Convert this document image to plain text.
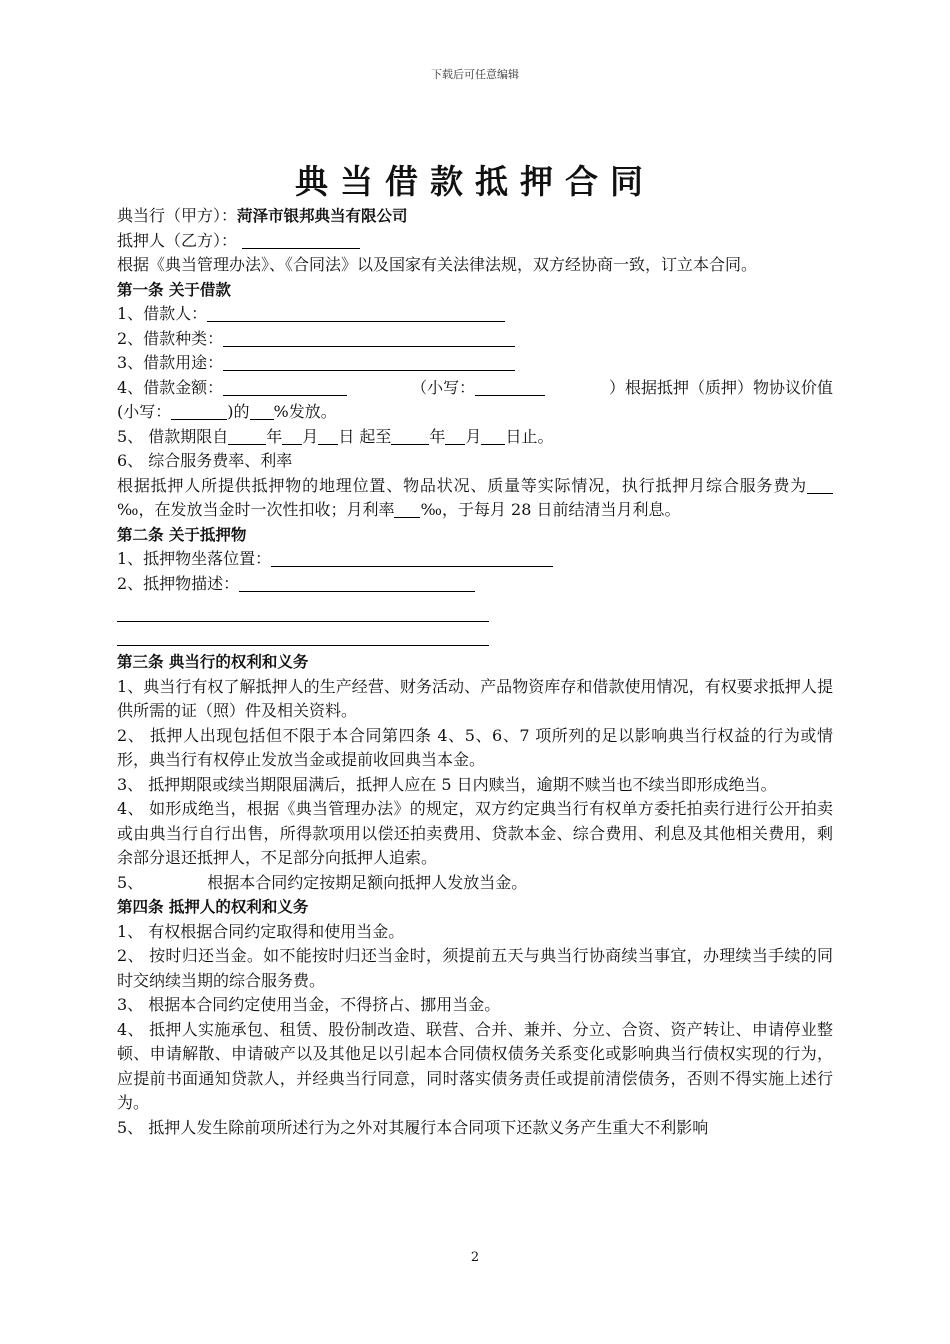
下载后可任意编辑
典当借款抵押合同
典当行（甲方）：菏泽市银邦典当有限公司
抵押人（乙方）：
根据《典当管理办法》、《合同法》以及国家有关法律法规，双方经协商一致，订立本合同。
第一条 关于借款
1、借款人：
2、借款种类：
3、借款用途：
4、借款金额：	（小写：	）根据抵押（质押）物协议价值
(小写：	)的 %发放。
5、 借款期限自 年 月 日 起至 年 月 日止。
6、 综合服务费率、利率
根据抵押人所提供抵押物的地理位置、物品状况、质量等实际情况，执行抵押月综合服务费为‰，在发放当金时一次性扣收；月利率 ‰，于每月 28 日前结清当月利息。
第二条 关于抵押物
1、抵押物坐落位置：
2、抵押物描述：
第三条 典当行的权利和义务
1、典当行有权了解抵押人的生产经营、财务活动、产品物资库存和借款使用情况，有权要求抵押人提供所需的证（照）件及相关资料。
2、 抵押人出现包括但不限于本合同第四条 4、5、6、7 项所列的足以影响典当行权益的行为或情形，典当行有权停止发放当金或提前收回典当本金。
3、 抵押期限或续当期限届满后，抵押人应在 5 日内赎当，逾期不赎当也不续当即形成绝当。
4、 如形成绝当，根据《典当管理办法》的规定，双方约定典当行有权单方委托拍卖行进行公开拍卖或由典当行自行出售，所得款项用以偿还拍卖费用、贷款本金、综合费用、利息及其他相关费用，剩余部分退还抵押人，不足部分向抵押人追索。
5、	根据本合同约定按期足额向抵押人发放当金。
第四条 抵押人的权利和义务
1、 有权根据合同约定取得和使用当金。
2、 按时归还当金。如不能按时归还当金时，须提前五天与典当行协商续当事宜，办理续当手续的同时交纳续当期的综合服务费。
3、 根据本合同约定使用当金，不得挤占、挪用当金。
4、 抵押人实施承包、租赁、股份制改造、联营、合并、兼并、分立、合资、资产转让、申请停业整顿、申请解散、申请破产以及其他足以引起本合同债权债务关系变化或影响典当行债权实现的行为，应提前书面通知贷款人，并经典当行同意，同时落实债务责任或提前清偿债务，否则不得实施上述行为。
5、 抵押人发生除前项所述行为之外对其履行本合同项下还款义务产生重大不利影响
2
